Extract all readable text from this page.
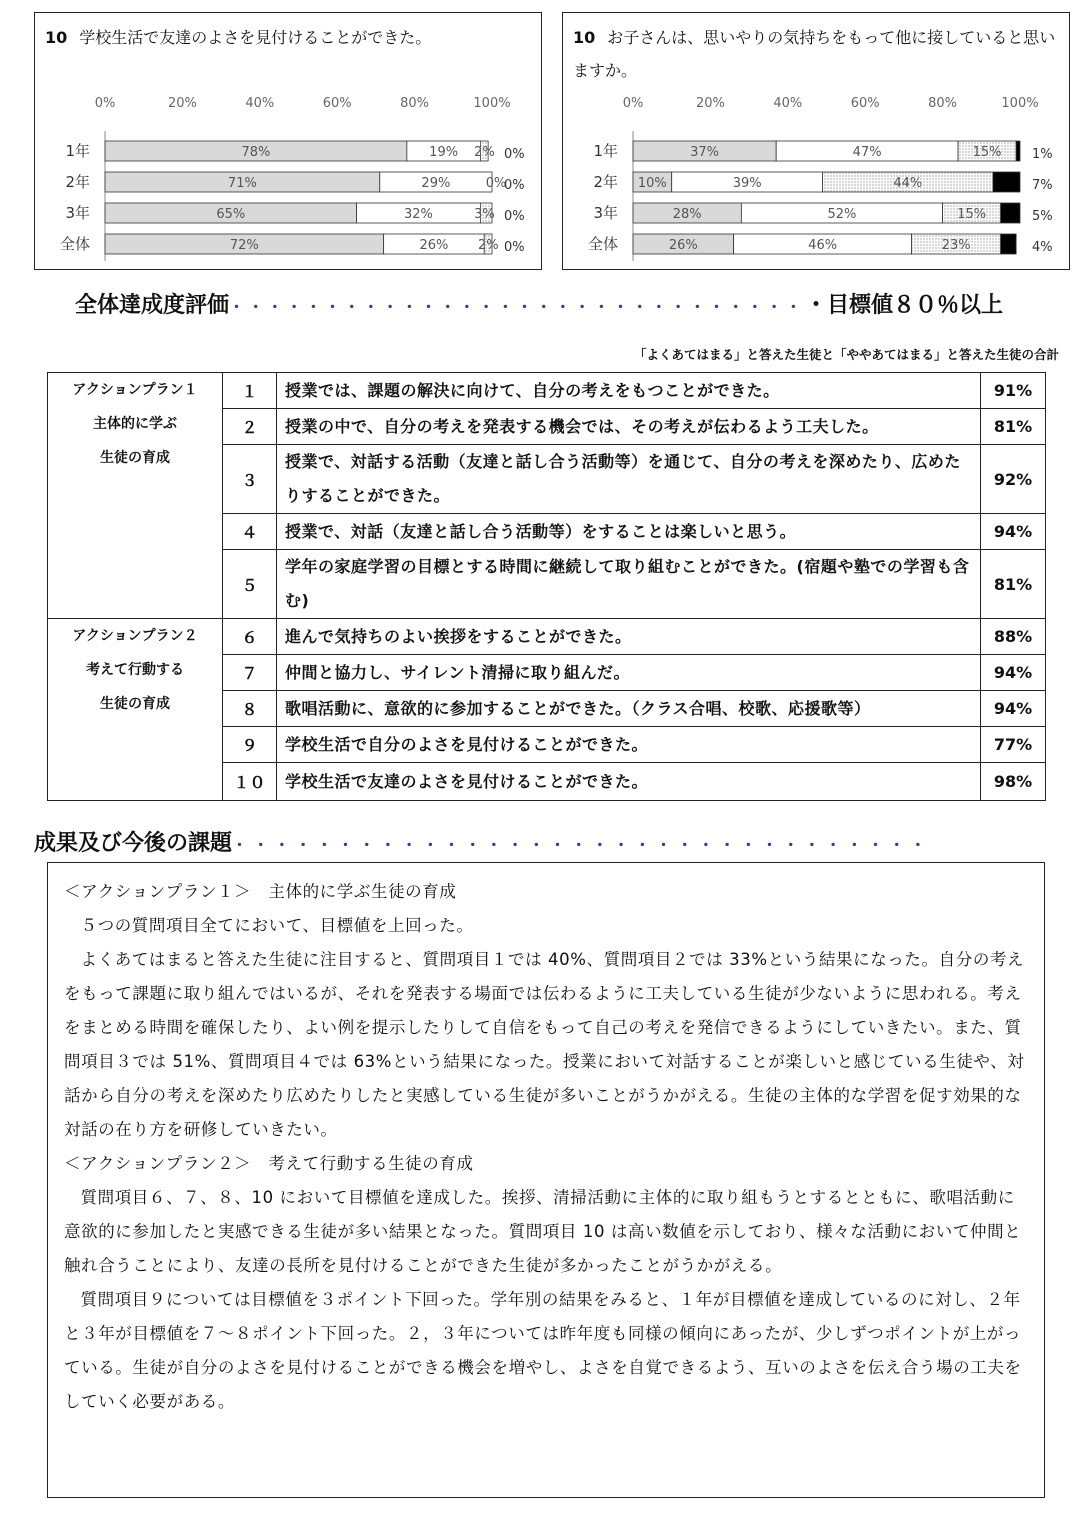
10 学校生活で友達のよさを見付けることができた。
0%	20%	40%	60%	80%	100%
1年	78%	19% 2% 0%
2年	71%	29%	0%
0%
3年	65%	32%	3% 0%
全体	72%	26% 2% 0%
10 お子さんは、思いやりの気持ちをもって他に接していると思いますか。
0%	20%	40%	60%	80%	100%
1年	37%	47%	15% 1%
2年 10%	39%	44%	7%
3年	28%	52%	15%	5%
全体	26%	46%	23%	4%
全体達成度評価・・・・・・・・・・・・・・・・・・・・・・・・・・・・・・・目標値８０％以上
「よくあてはまる」と答えた生徒と「ややあてはまる」と答えた生徒の合計
アクションプラン１
主体的に学ぶ
生徒の育成	１	授業では、課題の解決に向けて、自分の考えをもつことができた。	91%
	２	授業の中で、自分の考えを発表する機会では、その考えが伝わるよう工夫した。	81%
	３	授業で、対話する活動（友達と話し合う活動等）を通じて、自分の考えを深めたり、広めたりすることができた。	92%
	４	授業で、対話（友達と話し合う活動等）をすることは楽しいと思う。	94%
	５	学年の家庭学習の目標とする時間に継続して取り組むことができた。(宿題や塾での学習も含む)	81%

アクションプラン２
考えて行動する
生徒の育成	６	進んで気持ちのよい挨拶をすることができた。	88%
	７	仲間と協力し、サイレント清掃に取り組んだ。	94%
	８	歌唱活動に、意欲的に参加することができた。（クラス合唱、校歌、応援歌等）	94%
	９	学校生活で自分のよさを見付けることができた。	77%
	１０	学校生活で友達のよさを見付けることができた。	98%
成果及び今後の課題・・・・・・・・・・・・・・・・・・・・・・・・・・・・・・・・・

＜アクションプラン１＞　主体的に学ぶ生徒の育成

５つの質問項目全てにおいて、目標値を上回った。

よくあてはまると答えた生徒に注目すると、質問項目１では 40%、質問項目２では 33%という結果になった。自分の考えをもって課題に取り組んではいるが、それを発表する場面では伝わるように工夫している生徒が少ないように思われる。考えをまとめる時間を確保したり、よい例を提示したりして自信をもって自己の考えを発信できるようにしていきたい。また、質問項目３では 51%、質問項目４では 63%という結果になった。授業において対話することが楽しいと感じている生徒や、対話から自分の考えを深めたり広めたりしたと実感している生徒が多いことがうかがえる。生徒の主体的な学習を促す効果的な対話の在り方を研修していきたい。

＜アクションプラン２＞　考えて行動する生徒の育成

質問項目６、７、８、10 において目標値を達成した。挨拶、清掃活動に主体的に取り組もうとするとともに、歌唱活動に意欲的に参加したと実感できる生徒が多い結果となった。質問項目 10 は高い数値を示しており、様々な活動において仲間と触れ合うことにより、友達の長所を見付けることができた生徒が多かったことがうかがえる。

質問項目９については目標値を３ポイント下回った。学年別の結果をみると、１年が目標値を達成しているのに対し、２年と３年が目標値を７～８ポイント下回った。２，３年については昨年度も同様の傾向にあったが、少しずつポイントが上がっている。生徒が自分のよさを見付けることができる機会を増やし、よさを自覚できるよう、互いのよさを伝え合う場の工夫をしていく必要がある。
